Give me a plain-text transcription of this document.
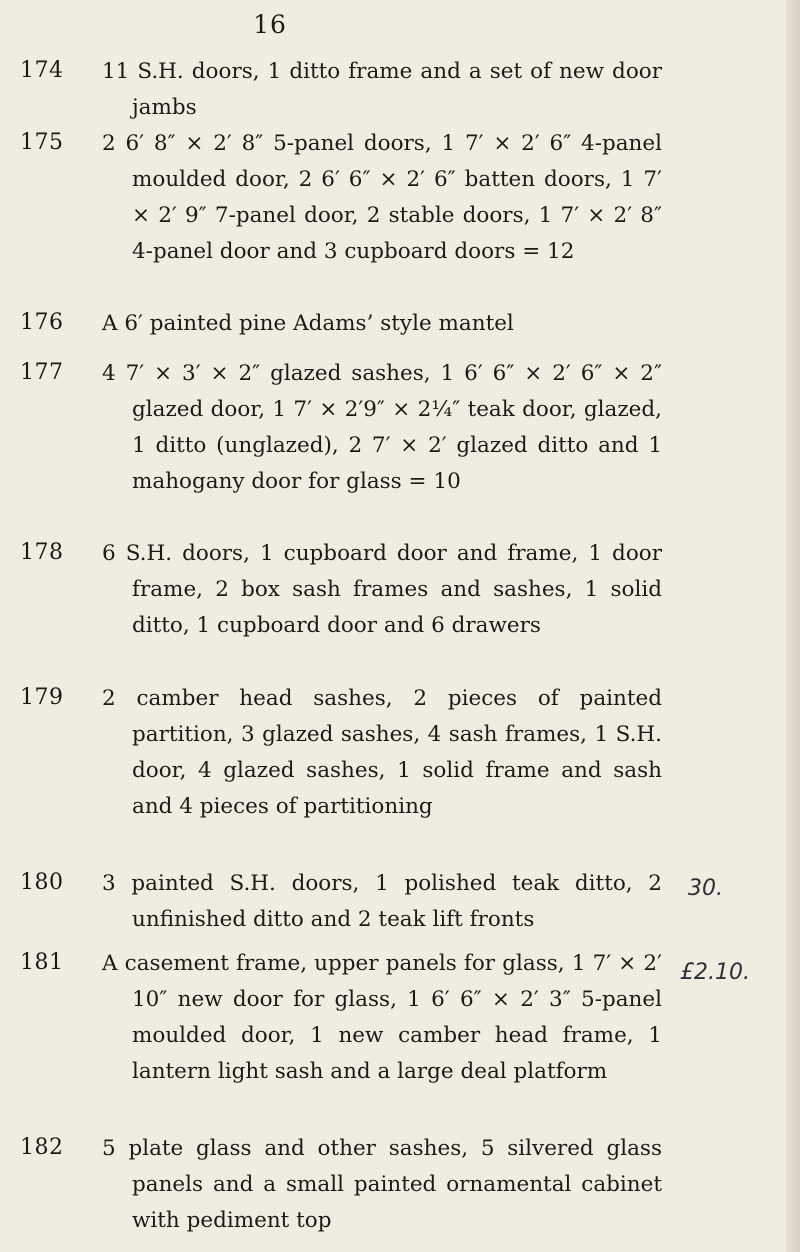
16
174 11 S.H. doors, 1 ditto frame and a set of new door jambs
175 2 6′ 8″ × 2′ 8″ 5-panel doors, 1 7′ × 2′ 6″ 4-panel moulded door, 2 6′ 6″ × 2′ 6″ batten doors, 1 7′ × 2′ 9″ 7-panel door, 2 stable doors, 1 7′ × 2′ 8″ 4-panel door and 3 cupboard doors = 12
176 A 6′ painted pine Adams’ style mantel
177 4 7′ × 3′ × 2″ glazed sashes, 1 6′ 6″ × 2′ 6″ × 2″ glazed door, 1 7′ × 2′9″ × 2¼″ teak door, glazed, 1 ditto (unglazed), 2 7′ × 2′ glazed ditto and 1 mahogany door for glass = 10
178 6 S.H. doors, 1 cupboard door and frame, 1 door frame, 2 box sash frames and sashes, 1 solid ditto, 1 cupboard door and 6 drawers
179 2 camber head sashes, 2 pieces of painted partition, 3 glazed sashes, 4 sash frames, 1 S.H. door, 4 glazed sashes, 1 solid frame and sash and 4 pieces of partitioning
180 3 painted S.H. doors, 1 polished teak ditto, 2 unfinished ditto and 2 teak lift fronts
181 A casement frame, upper panels for glass, 1 7′ × 2′ 10″ new door for glass, 1 6′ 6″ × 2′ 3″ 5-panel moulded door, 1 new camber head frame, 1 lantern light sash and a large deal platform
182 5 plate glass and other sashes, 5 silvered glass panels and a small painted ornamental cabinet with pediment top
30.
£2.10.
